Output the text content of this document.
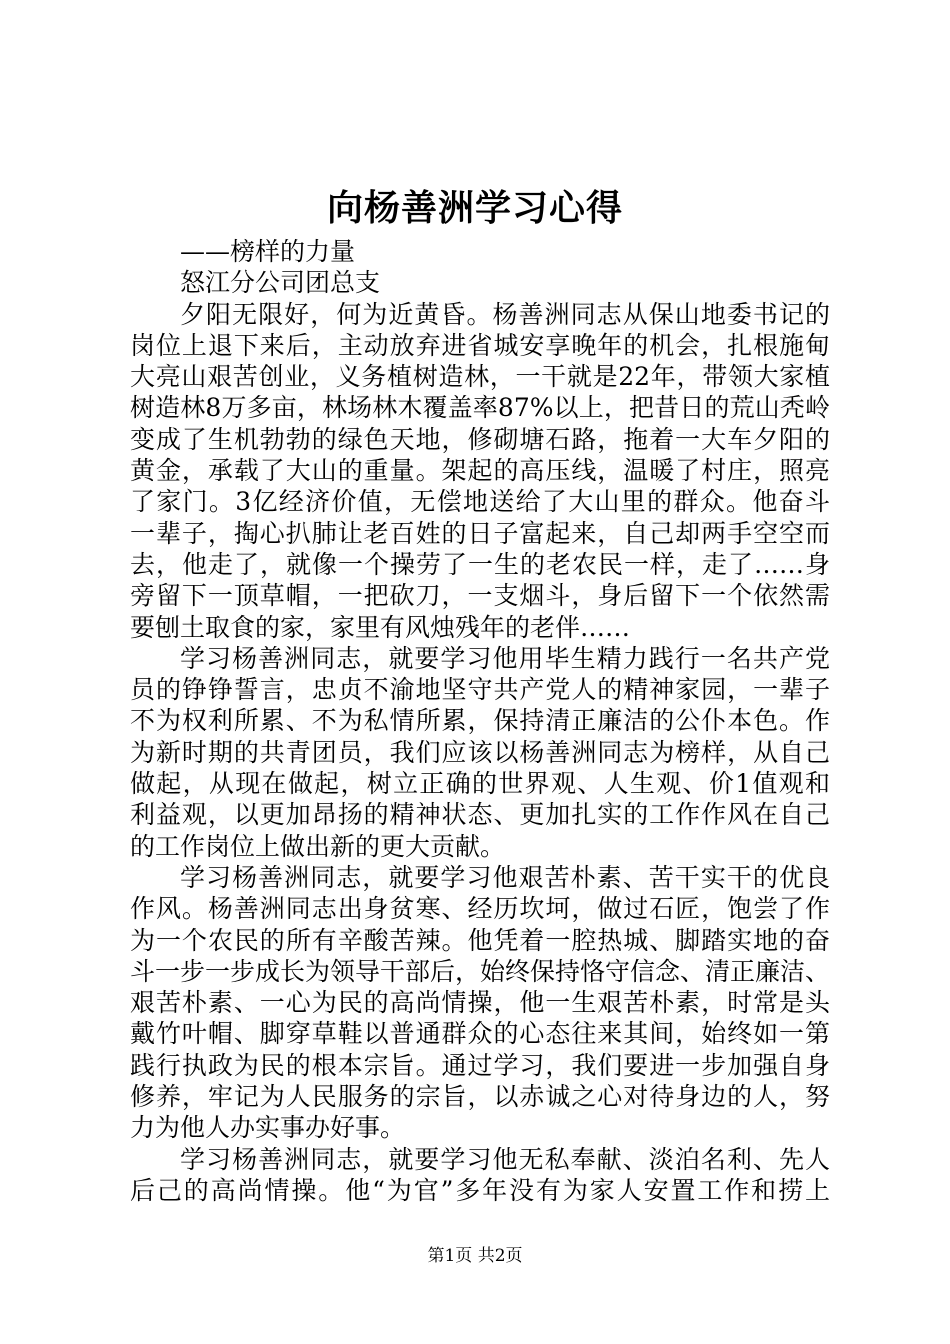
向杨善洲学习心得

——榜样的力量

怒江分公司团总支

夕阳无限好，何为近黄昏。杨善洲同志从保山地委书记的

岗位上退下来后，主动放弃进省城安享晚年的机会，扎根施甸

大亮山艰苦创业，义务植树造林，一干就是22年，带领大家植

树造林8万多亩，林场林木覆盖率87%以上，把昔日的荒山秃岭

变成了生机勃勃的绿色天地，修砌塘石路，拖着一大车夕阳的

黄金，承载了大山的重量。架起的高压线，温暖了村庄，照亮

了家门。3亿经济价值，无偿地送给了大山里的群众。他奋斗

一辈子，掏心扒肺让老百姓的日子富起来，自己却两手空空而

去，他走了，就像一个操劳了一生的老农民一样，走了……身

旁留下一顶草帽，一把砍刀，一支烟斗，身后留下一个依然需

要刨土取食的家，家里有风烛残年的老伴……

学习杨善洲同志，就要学习他用毕生精力践行一名共产党

员的铮铮誓言，忠贞不渝地坚守共产党人的精神家园，一辈子

不为权利所累、不为私情所累，保持清正廉洁的公仆本色。作

为新时期的共青团员，我们应该以杨善洲同志为榜样，从自己

做起，从现在做起，树立正确的世界观、人生观、价1值观和

利益观，以更加昂扬的精神状态、更加扎实的工作作风在自己

的工作岗位上做出新的更大贡献。

学习杨善洲同志，就要学习他艰苦朴素、苦干实干的优良

作风。杨善洲同志出身贫寒、经历坎坷，做过石匠，饱尝了作

为一个农民的所有辛酸苦辣。他凭着一腔热城、脚踏实地的奋

斗一步一步成长为领导干部后，始终保持恪守信念、清正廉洁、

艰苦朴素、一心为民的高尚情操，他一生艰苦朴素，时常是头

戴竹叶帽、脚穿草鞋以普通群众的心态往来其间，始终如一第

践行执政为民的根本宗旨。通过学习，我们要进一步加强自身

修养，牢记为人民服务的宗旨，以赤诚之心对待身边的人，努

力为他人办实事办好事。

学习杨善洲同志，就要学习他无私奉献、淡泊名利、先人

后己的高尚情操。他“为官”多年没有为家人安置工作和捞上

第1页 共2页
